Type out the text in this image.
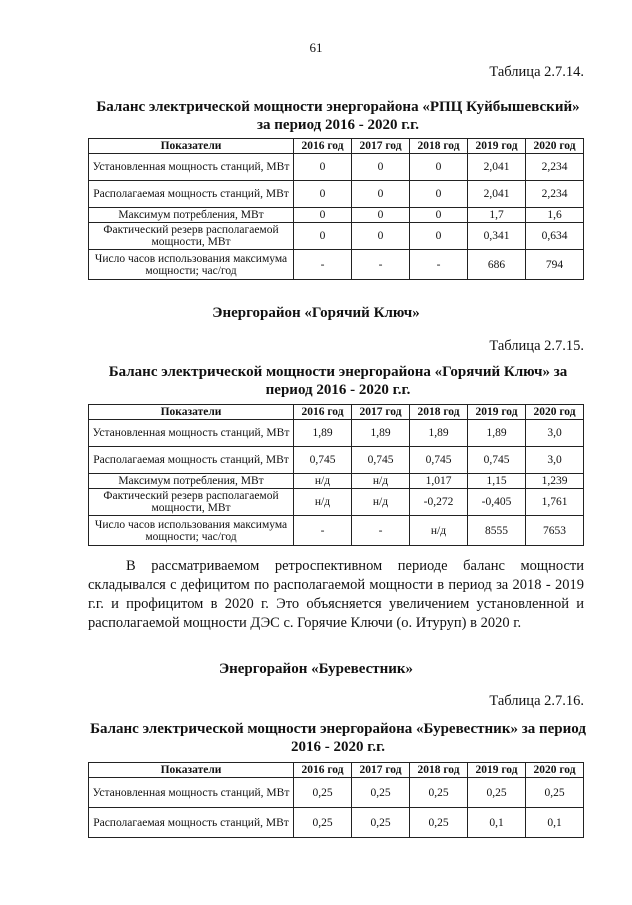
61
Таблица 2.7.14.
Баланс электрической мощности энергорайона «РПЦ Куйбышевский» за период 2016 - 2020 г.г.
Показатели	2016 год	2017 год	2018 год	2019 год	2020 год
Установленная мощность станций, МВт	0	0	0	2,041	2,234
Располагаемая мощность станций, МВт	0	0	0	2,041	2,234
Максимум потребления, МВт	0	0	0	1,7	1,6
Фактический резерв располагаемой мощности, МВт	0	0	0	0,341	0,634
Число часов использования максимума мощности; час/год	-	-	-	686	794
Энергорайон «Горячий Ключ»
Таблица 2.7.15.
Баланс электрической мощности энергорайона «Горячий Ключ» за период 2016 - 2020 г.г.
Показатели	2016 год	2017 год	2018 год	2019 год	2020 год
Установленная мощность станций, МВт	1,89	1,89	1,89	1,89	3,0
Располагаемая мощность станций, МВт	0,745	0,745	0,745	0,745	3,0
Максимум потребления, МВт	н/д	н/д	1,017	1,15	1,239
Фактический резерв располагаемой мощности, МВт	н/д	н/д	-0,272	-0,405	1,761
Число часов использования максимума мощности; час/год	-	-	н/д	8555	7653
В рассматриваемом ретроспективном периоде баланс мощности складывался с дефицитом по располагаемой мощности в период за 2018 - 2019 г.г. и профицитом в 2020 г. Это объясняется увеличением установленной и располагаемой мощности ДЭС с. Горячие Ключи (о. Итуруп) в 2020 г.
Энергорайон «Буревестник»
Таблица 2.7.16.
Баланс электрической мощности энергорайона «Буревестник» за период 2016 - 2020 г.г.
Показатели	2016 год	2017 год	2018 год	2019 год	2020 год
Установленная мощность станций, МВт	0,25	0,25	0,25	0,25	0,25
Располагаемая мощность станций, МВт	0,25	0,25	0,25	0,1	0,1
